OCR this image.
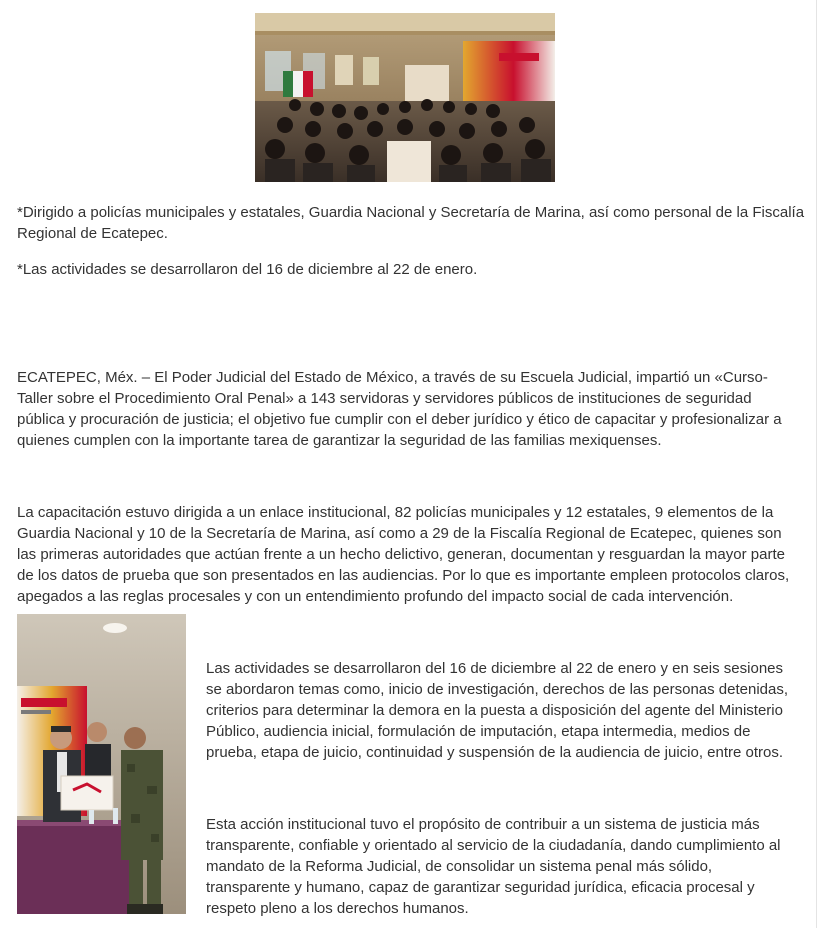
*Dirigido a policías municipales y estatales, Guardia Nacional y Secretaría de Marina, así como personal de la Fiscalía Regional de Ecatepec.

*Las actividades se desarrollaron del 16 de diciembre al 22 de enero.

ECATEPEC, Méx. – El Poder Judicial del Estado de México, a través de su Escuela Judicial, impartió un «Curso-Taller sobre el Procedimiento Oral Penal» a 143 servidoras y servidores públicos de instituciones de seguridad pública y procuración de justicia; el objetivo fue cumplir con el deber jurídico y ético de capacitar y profesionalizar a quienes cumplen con la importante tarea de garantizar la seguridad de las familias mexiquenses.

La capacitación estuvo dirigida a un enlace institucional, 82 policías municipales y 12 estatales, 9 elementos de la Guardia Nacional y 10 de la Secretaría de Marina, así como a 29 de la Fiscalía Regional de Ecatepec, quienes son las primeras autoridades que actúan frente a un hecho delictivo, generan, documentan y resguardan la mayor parte de los datos de prueba que son presentados en las audiencias. Por lo que es importante empleen protocolos claros, apegados a las reglas procesales y con un entendimiento profundo del impacto social de cada intervención.

Las actividades se desarrollaron del 16 de diciembre al 22 de enero y en seis sesiones se abordaron temas como, inicio de investigación, derechos de las personas detenidas, criterios para determinar la demora en la puesta a disposición del agente del Ministerio Público, audiencia inicial, formulación de imputación, etapa intermedia, medios de prueba, etapa de juicio, continuidad y suspensión de la audiencia de juicio, entre otros.

Esta acción institucional tuvo el propósito de contribuir a un sistema de justicia más transparente, confiable y orientado al servicio de la ciudadanía, dando cumplimiento al mandato de la Reforma Judicial, de consolidar un sistema penal más sólido, transparente y humano, capaz de garantizar seguridad jurídica, eficacia procesal y respeto pleno a los derechos humanos.
